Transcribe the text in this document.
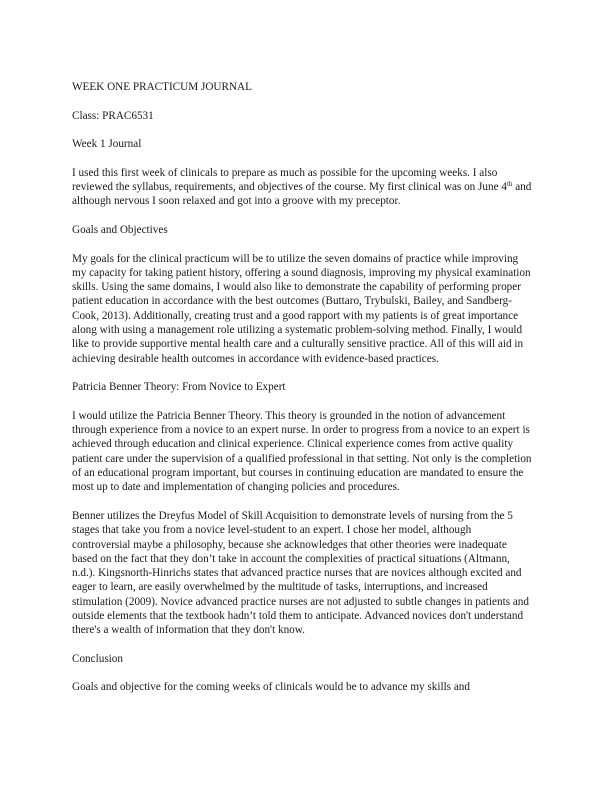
WEEK ONE PRACTICUM JOURNAL

Class: PRAC6531

Week 1 Journal

I used this first week of clinicals to prepare as much as possible for the upcoming weeks. I also reviewed the syllabus, requirements, and objectives of the course. My first clinical was on June 4th and although nervous I soon relaxed and got into a groove with my preceptor.

Goals and Objectives

My goals for the clinical practicum will be to utilize the seven domains of practice while improving my capacity for taking patient history, offering a sound diagnosis, improving my physical examination skills. Using the same domains, I would also like to demonstrate the capability of performing proper patient education in accordance with the best outcomes (Buttaro, Trybulski, Bailey, and Sandberg-Cook, 2013). Additionally, creating trust and a good rapport with my patients is of great importance along with using a management role utilizing a systematic problem-solving method. Finally, I would like to provide supportive mental health care and a culturally sensitive practice. All of this will aid in achieving desirable health outcomes in accordance with evidence-based practices.

Patricia Benner Theory: From Novice to Expert

I would utilize the Patricia Benner Theory. This theory is grounded in the notion of advancement through experience from a novice to an expert nurse. In order to progress from a novice to an expert is achieved through education and clinical experience. Clinical experience comes from active quality patient care under the supervision of a qualified professional in that setting. Not only is the completion of an educational program important, but courses in continuing education are mandated to ensure the most up to date and implementation of changing policies and procedures.

Benner utilizes the Dreyfus Model of Skill Acquisition to demonstrate levels of nursing from the 5 stages that take you from a novice level-student to an expert. I chose her model, although controversial maybe a philosophy, because she acknowledges that other theories were inadequate based on the fact that they don’t take in account the complexities of practical situations (Altmann, n.d.). Kingsnorth-Hinrichs states that advanced practice nurses that are novices although excited and eager to learn, are easily overwhelmed by the multitude of tasks, interruptions, and increased stimulation (2009). Novice advanced practice nurses are not adjusted to subtle changes in patients and outside elements that the textbook hadn’t told them to anticipate. Advanced novices don't understand there's a wealth of information that they don't know.

Conclusion

Goals and objective for the coming weeks of clinicals would be to advance my skills and
